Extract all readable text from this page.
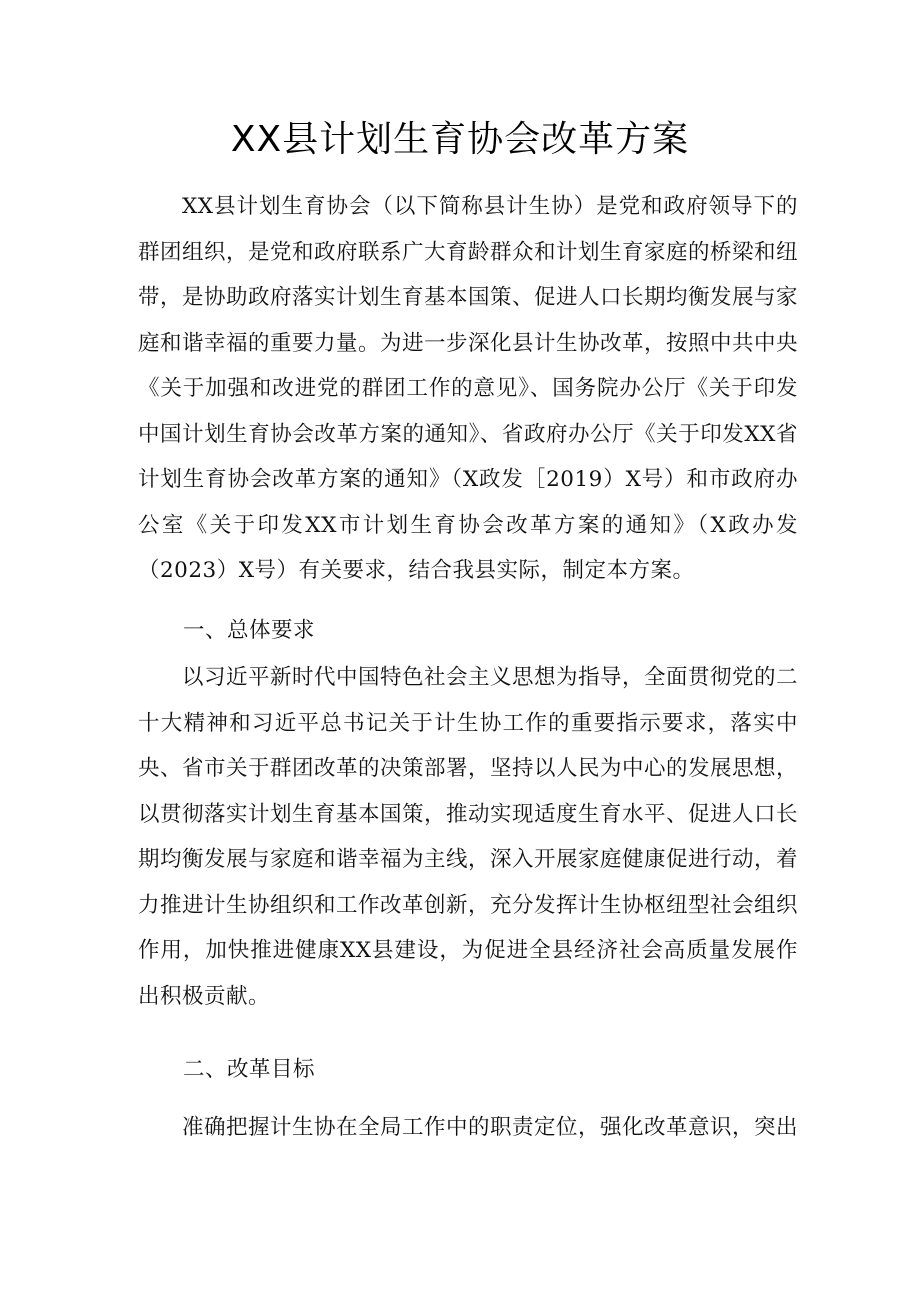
XX县计划生育协会改革方案

XX县计划生育协会（以下简称县计生协）是党和政府领导下的群团组织，是党和政府联系广大育龄群众和计划生育家庭的桥梁和纽带，是协助政府落实计划生育基本国策、促进人口长期均衡发展与家庭和谐幸福的重要力量。为进一步深化县计生协改革，按照中共中央《关于加强和改进党的群团工作的意见》、国务院办公厅《关于印发中国计划生育协会改革方案的通知》、省政府办公厅《关于印发XX省计划生育协会改革方案的通知》（X政发［2019）X号）和市政府办公室《关于印发XX市计划生育协会改革方案的通知》（X政办发（2023）X号）有关要求，结合我县实际，制定本方案。

一、总体要求

以习近平新时代中国特色社会主义思想为指导，全面贯彻党的二十大精神和习近平总书记关于计生协工作的重要指示要求，落实中央、省市关于群团改革的决策部署，坚持以人民为中心的发展思想，以贯彻落实计划生育基本国策，推动实现适度生育水平、促进人口长期均衡发展与家庭和谐幸福为主线，深入开展家庭健康促进行动，着力推进计生协组织和工作改革创新，充分发挥计生协枢纽型社会组织作用，加快推进健康XX县建设，为促进全县经济社会高质量发展作出积极贡献。

二、改革目标

准确把握计生协在全局工作中的职责定位，强化改革意识，突出
